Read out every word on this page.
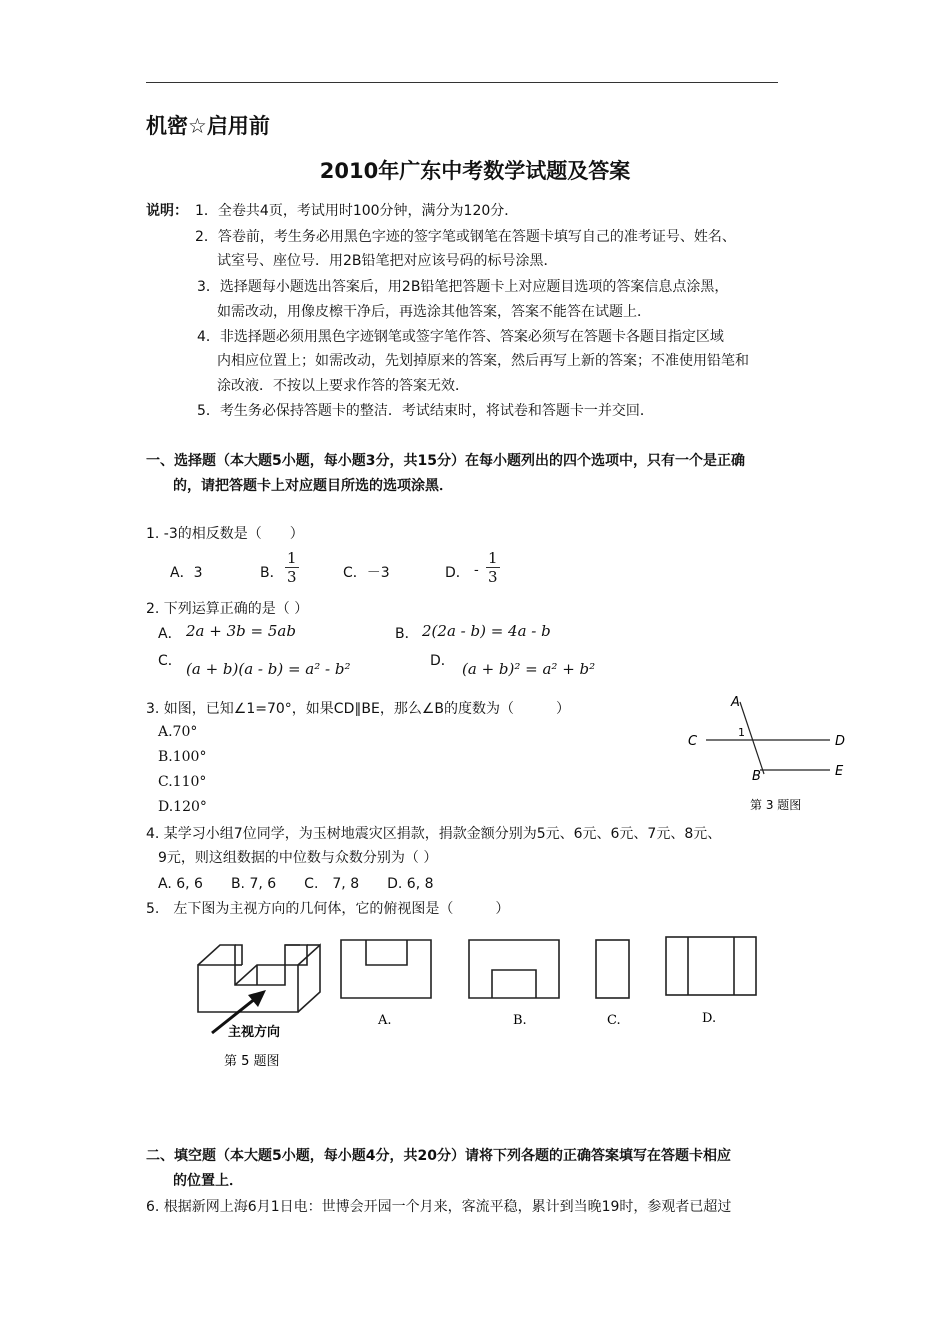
机密☆启用前
2010年广东中考数学试题及答案
说明： 1．全卷共4页，考试用时100分钟，满分为120分．
2．答卷前，考生务必用黑色字迹的签字笔或钢笔在答题卡填写自己的准考证号、姓名、
试室号、座位号．用2B铅笔把对应该号码的标号涂黑．
3．选择题每小题选出答案后，用2B铅笔把答题卡上对应题目选项的答案信息点涂黑，
如需改动，用像皮檫干净后，再选涂其他答案，答案不能答在试题上．
4．非选择题必须用黑色字迹钢笔或签字笔作答、答案必须写在答题卡各题目指定区域
内相应位置上；如需改动，先划掉原来的答案，然后再写上新的答案；不准使用铅笔和
涂改液．不按以上要求作答的答案无效．
5．考生务必保持答题卡的整洁．考试结束时，将试卷和答题卡一并交回．
一、选择题（本大题5小题，每小题3分，共15分）在每小题列出的四个选项中，只有一个是正确
的，请把答题卡上对应题目所选的选项涂黑．
1. -3的相反数是（　　）
A．3	B． $\frac{1}{3}$	C．－3	D． - $\frac{1}{3}$
2. 下列运算正确的是（ ）
A． 2a + 3b = 5ab	B． 2(2a - b) = 4a - b
C． (a + b)(a - b) = a² - b²	D． (a + b)² = a² + b²
3. 如图，已知∠1=70°，如果CD∥BE，那么∠B的度数为（　　　）
A.70°
B.100°
C.110°
D.120°
A
C	D
B	E
1
第 3 题图
4. 某学习小组7位同学，为玉树地震灾区捐款，捐款金额分别为5元、6元、6元、7元、8元、
9元，则这组数据的中位数与众数分别为（ ）
A. 6, 6　　B. 7, 6　　C.　7, 8　　D. 6, 8
5.　左下图为主视方向的几何体，它的俯视图是（　　　）
主视方向
第 5 题图
A.	B.	C.	D.
二、填空题（本大题5小题，每小题4分，共20分）请将下列各题的正确答案填写在答题卡相应
的位置上．
6. 根据新网上海6月1日电：世博会开园一个月来，客流平稳，累计到当晚19时，参观者已超过
